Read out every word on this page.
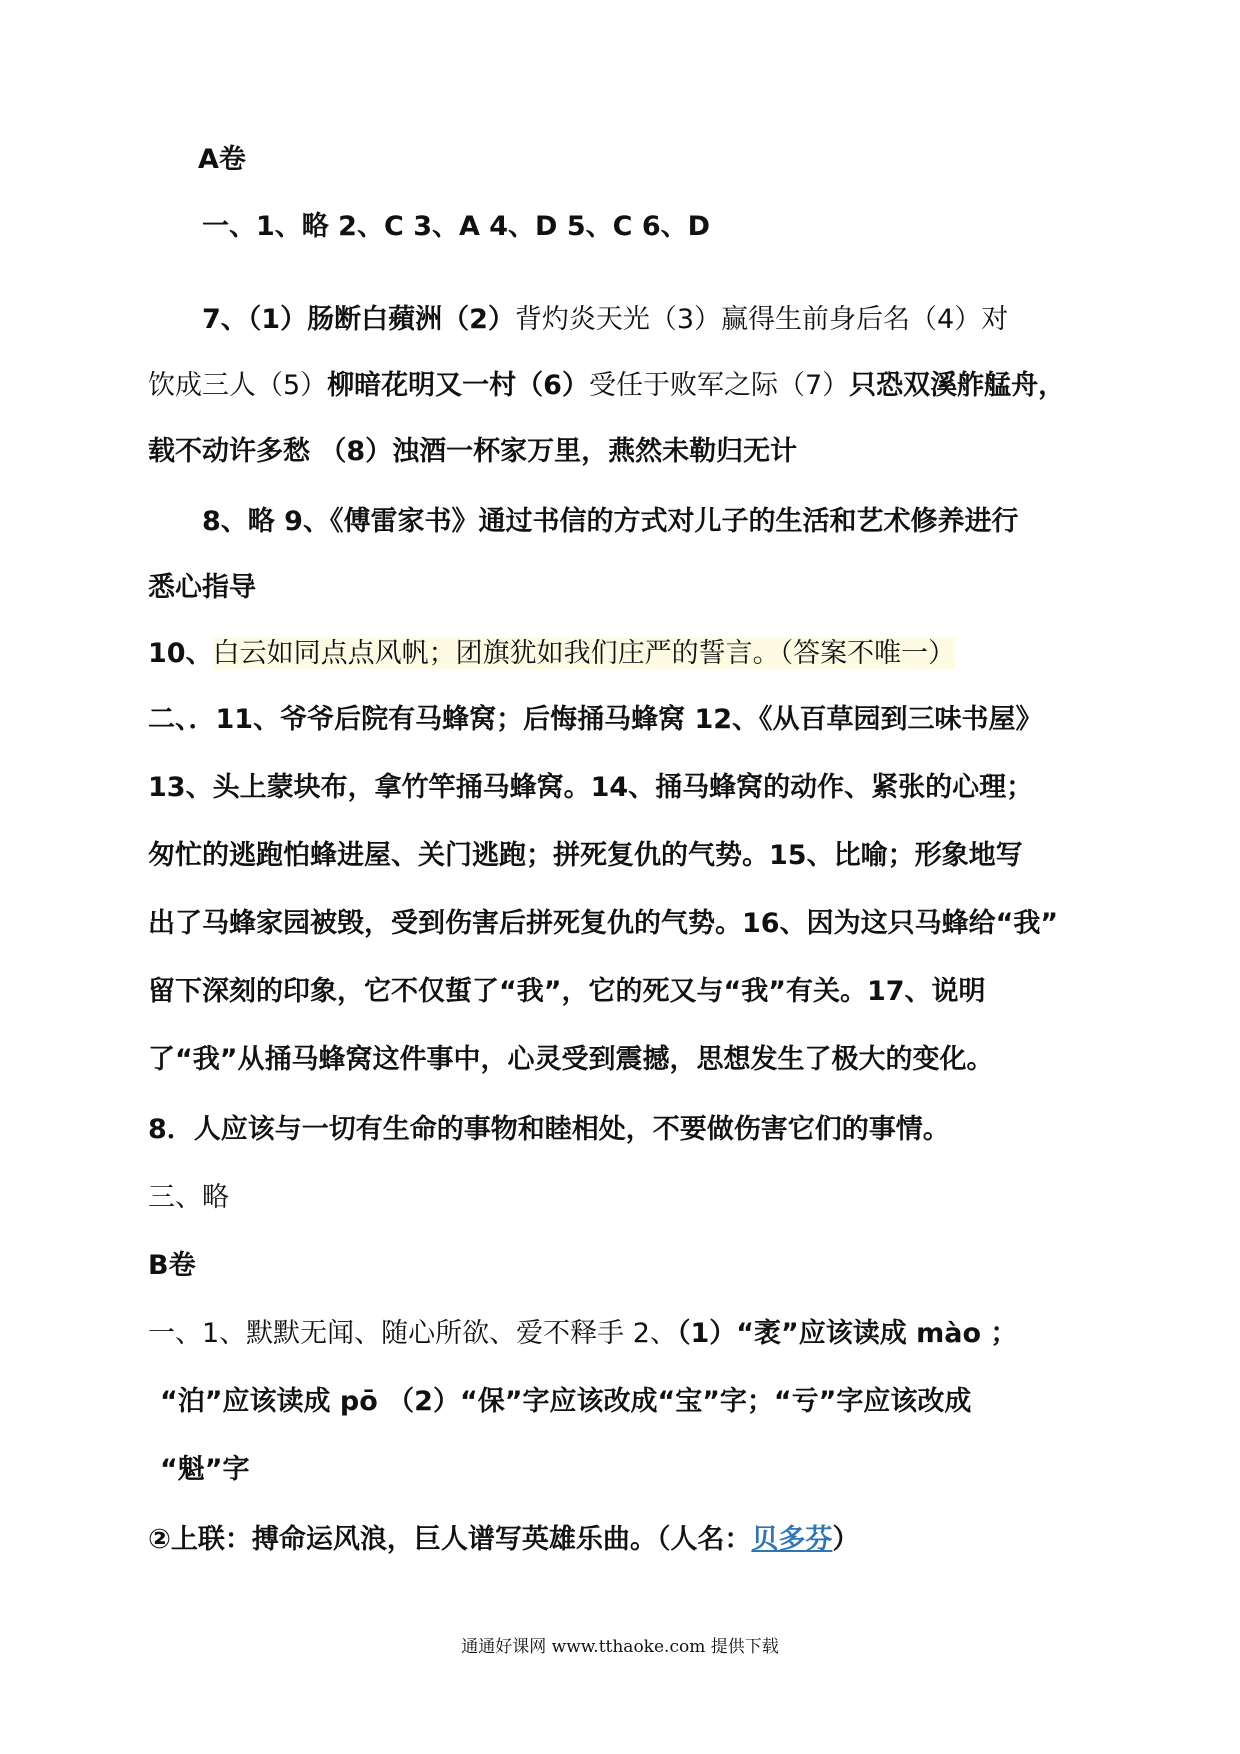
A卷
一、1、略 2、C 3、A 4、D 5、C 6、D
7、（1）肠断白蘋洲（2）背灼炎天光（3）赢得生前身后名（4）对
饮成三人（5）柳暗花明又一村（6）受任于败军之际（7）只恐双溪舴艋舟，
载不动许多愁 （8）浊酒一杯家万里，燕然未勒归无计
8、略 9、《傅雷家书》通过书信的方式对儿子的生活和艺术修养进行
悉心指导
10、白云如同点点风帆；团旗犹如我们庄严的誓言。（答案不唯一）
二、．11、爷爷后院有马蜂窝；后悔捅马蜂窝 12、《从百草园到三味书屋》
13、头上蒙块布，拿竹竿捅马蜂窝。14、捅马蜂窝的动作、紧张的心理；
匆忙的逃跑怕蜂进屋、关门逃跑；拼死复仇的气势。15、比喻；形象地写
出了马蜂家园被毁，受到伤害后拼死复仇的气势。16、因为这只马蜂给“我”
留下深刻的印象，它不仅蜇了“我”，它的死又与“我”有关。17、说明
了“我”从捅马蜂窝这件事中，心灵受到震撼，思想发生了极大的变化。
8．人应该与一切有生命的事物和睦相处，不要做伤害它们的事情。
三、略
B卷
一、1、默默无闻、随心所欲、爱不释手 2、（1）“袤”应该读成 mào ；
“泊”应该读成 pō （2）“保”字应该改成“宝”字；“亏”字应该改成
“魁”字
②上联：搏命运风浪，巨人谱写英雄乐曲。（人名：贝多芬）
通通好课网 www.tthaoke.com 提供下载
